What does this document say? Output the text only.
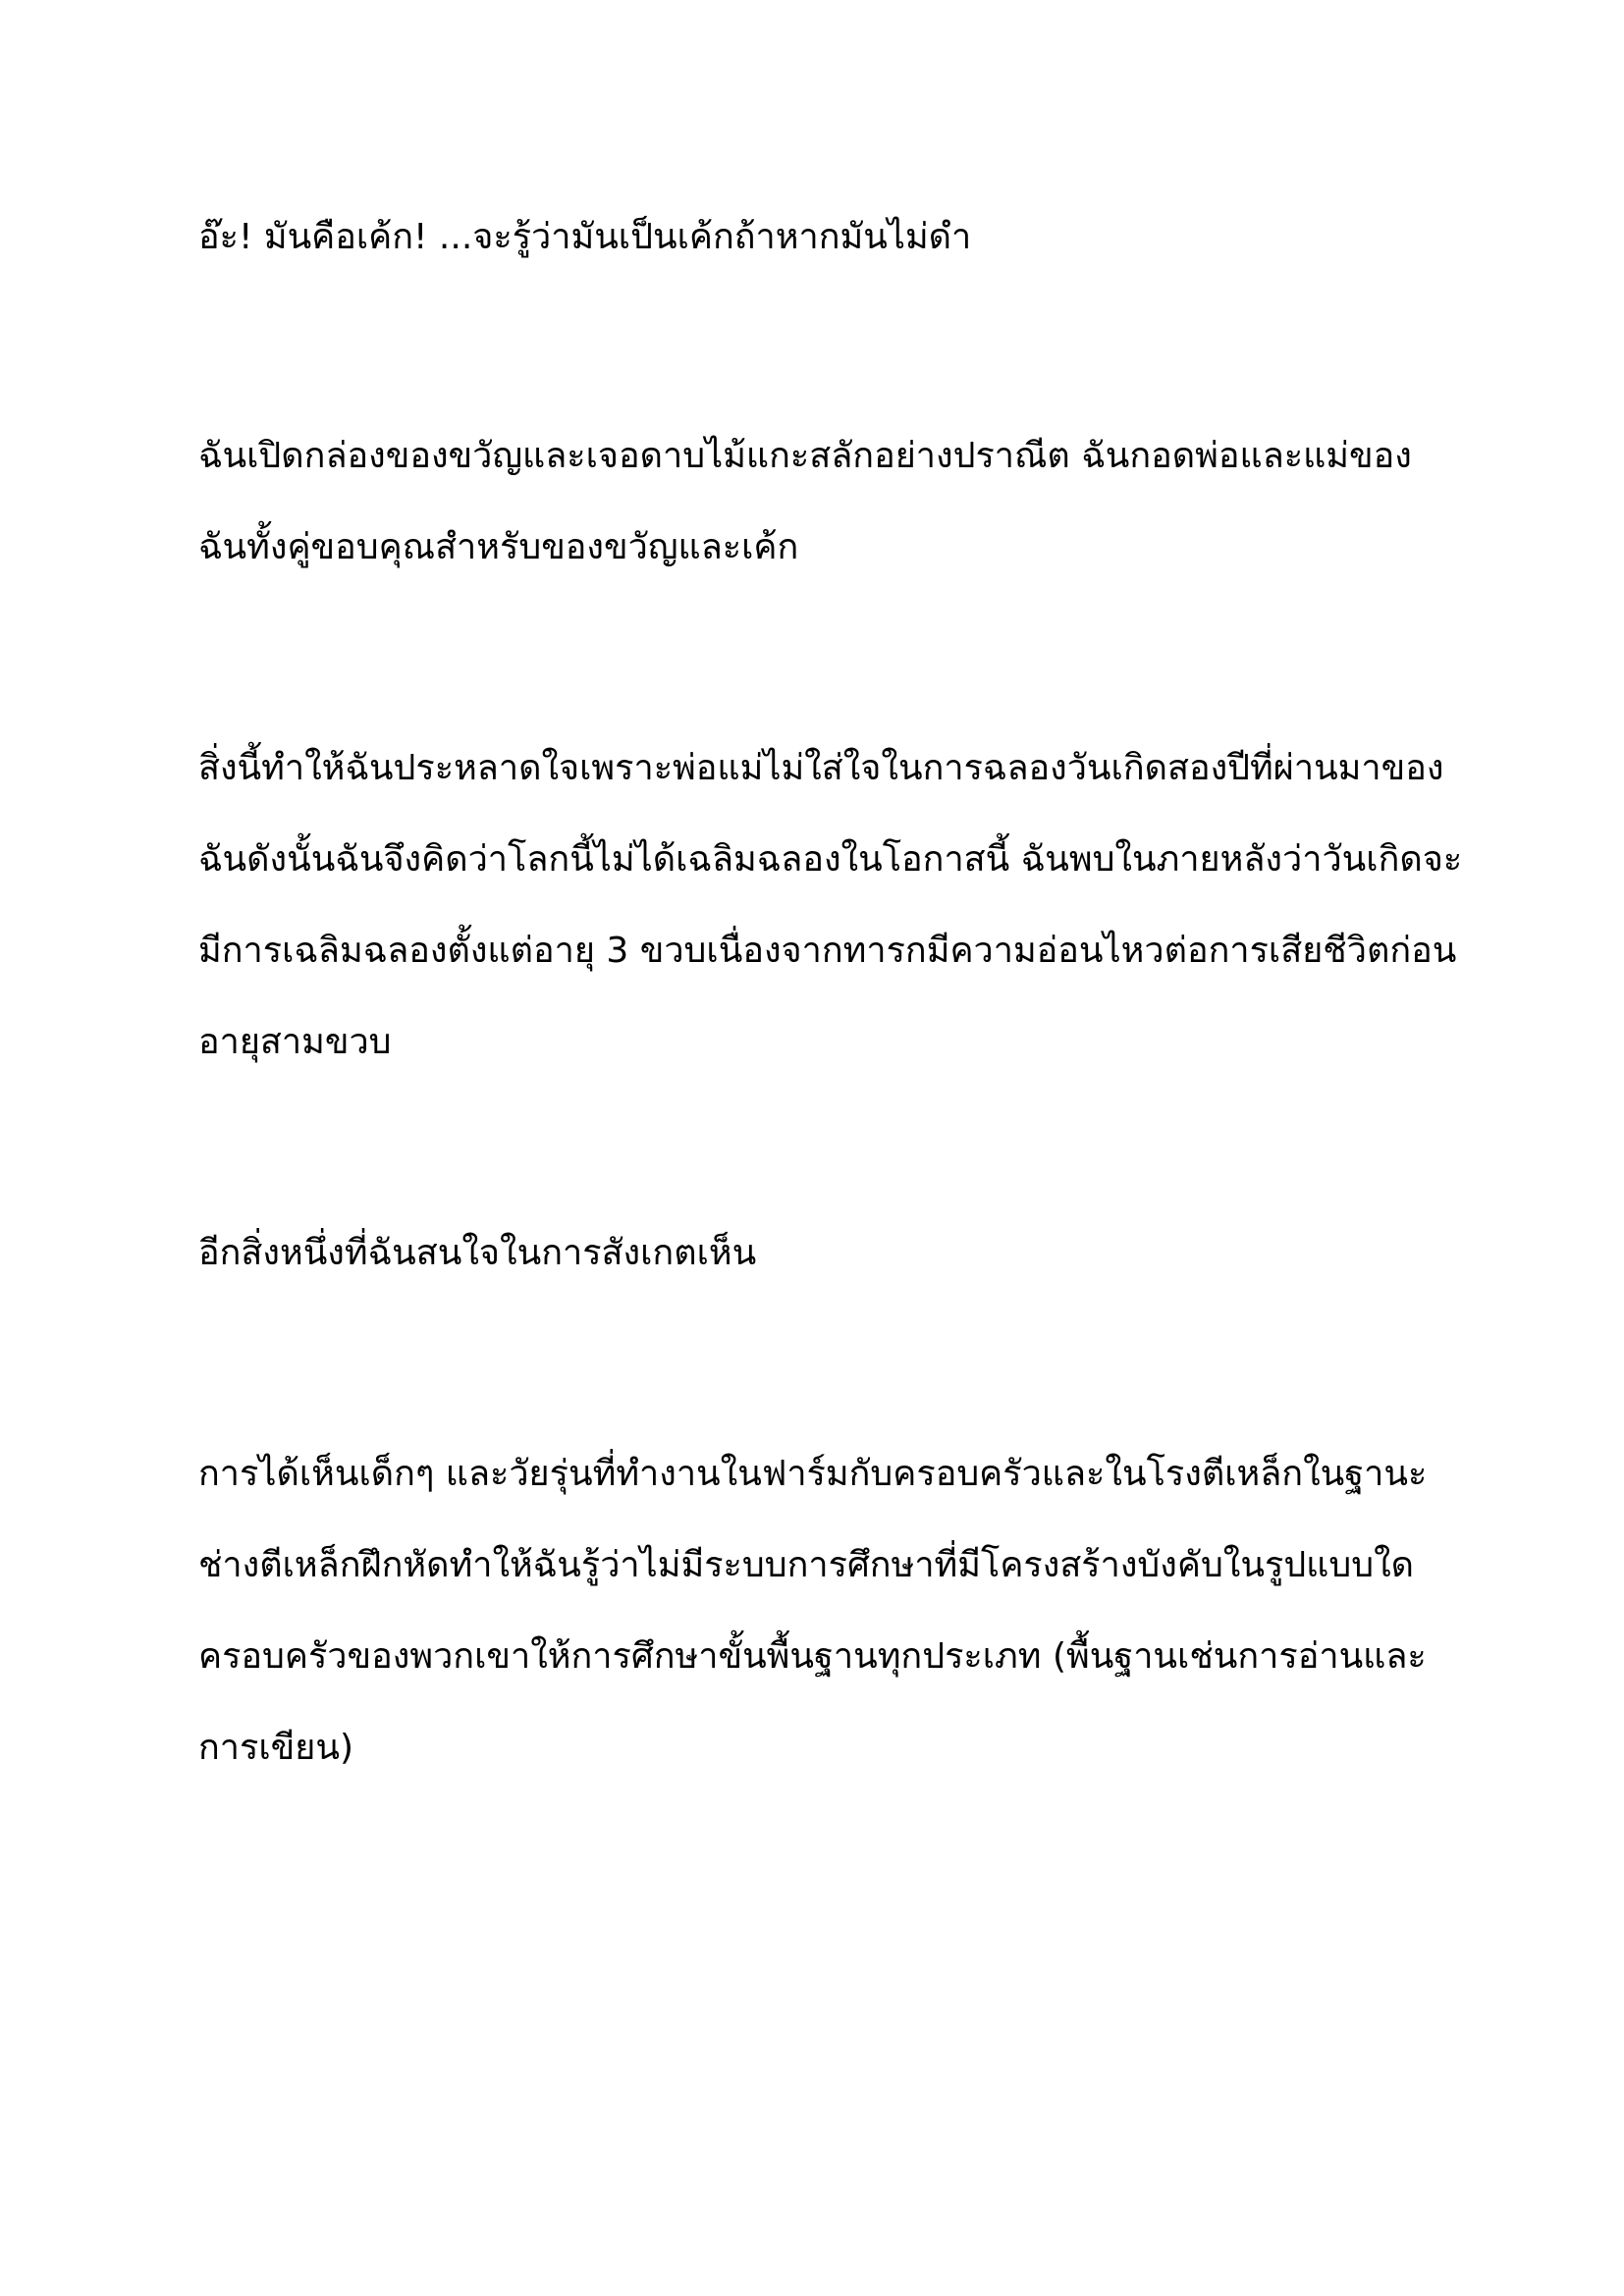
อ๊ะ! มันคือเค้ก! ...จะรู้ว่ามันเป็นเค้กถ้าหากมันไม่ดำ

ฉันเปิดกล่องของขวัญและเจอดาบไม้แกะสลักอย่างปราณีต ฉันกอดพ่อและแม่ของ
ฉันทั้งคู่ขอบคุณสำหรับของขวัญและเค้ก

สิ่งนี้ทำให้ฉันประหลาดใจเพราะพ่อแม่ไม่ใส่ใจในการฉลองวันเกิดสองปีที่ผ่านมาของ
ฉันดังนั้นฉันจึงคิดว่าโลกนี้ไม่ได้เฉลิมฉลองในโอกาสนี้ ฉันพบในภายหลังว่าวันเกิดจะ
มีการเฉลิมฉลองตั้งแต่อายุ 3 ขวบเนื่องจากทารกมีความอ่อนไหวต่อการเสียชีวิตก่อน
อายุสามขวบ

อีกสิ่งหนึ่งที่ฉันสนใจในการสังเกตเห็น

การได้เห็นเด็กๆ และวัยรุ่นที่ทำงานในฟาร์มกับครอบครัวและในโรงตีเหล็กในฐานะ
ช่างตีเหล็กฝึกหัดทำให้ฉันรู้ว่าไม่มีระบบการศึกษาที่มีโครงสร้างบังคับในรูปแบบใด
ครอบครัวของพวกเขาให้การศึกษาขั้นพื้นฐานทุกประเภท (พื้นฐานเช่นการอ่านและ
การเขียน)
